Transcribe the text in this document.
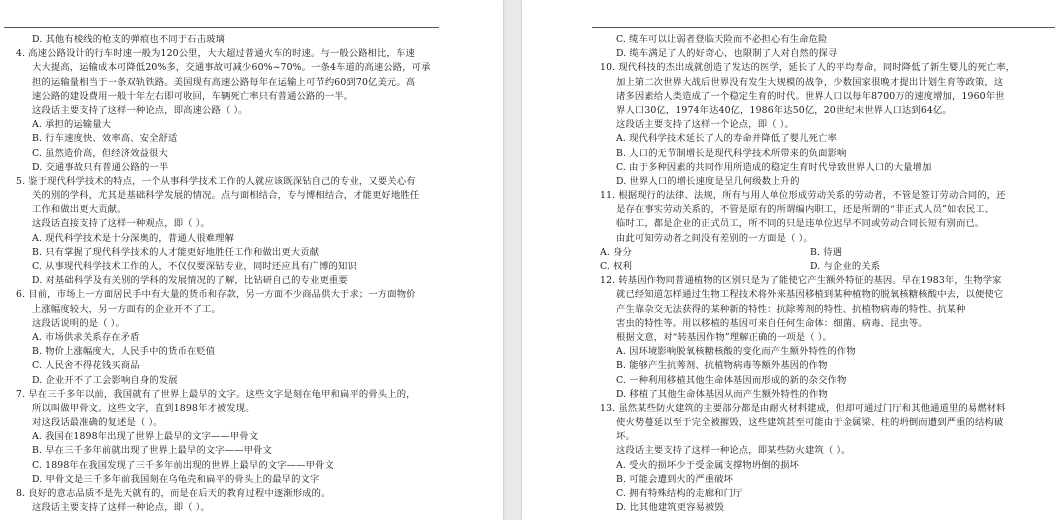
D. 其他有棱线的枪支的弹痕也不同于石击玻璃
4. 高速公路设计的行车时速一般为120公里，大大超过普通火车的时速。与一般公路相比，车速
大大提高，运输成本可降低20%多，交通事故可减少60%~70%。一条4车道的高速公路，可承
担的运输量相当于一条双轨铁路。美国现有高速公路每年在运输上可节约60到70亿美元。高
速公路的建设费用一般十年左右即可收回，车辆死亡率只有普通公路的一半。
这段话主要支持了这样一种论点，即高速公路（ ）。
A. 承担的运输量大
B. 行车速度快、效率高、安全舒适
C. 虽然造价高，但经济效益很大
D. 交通事故只有普通公路的一半
5. 鉴于现代科学技术的特点，一个从事科学技术工作的人就应该既深钻自己的专业，又要关心有
关的别的学科，尤其是基础科学发展的情况。点与面相结合，专与博相结合，才能更好地胜任
工作和做出更大贡献。
这段话直接支持了这样一种观点，即（ ）。
A. 现代科学技术是十分深奥的，普通人很难理解
B. 只有掌握了现代科学技术的人才能更好地胜任工作和做出更大贡献
C. 从事现代科学技术工作的人，不仅仅要深钻专业，同时还应具有广博的知识
D. 对基础科学及有关别的学科的发展情况的了解，比钻研自己的专业更重要
6. 目前，市场上一方面居民手中有大量的货币和存款，另一方面不少商品供大于求；一方面物价
上涨幅度较大，另一方面有的企业开不了工。
这段话说明的是（ ）。
A. 市场供求关系存在矛盾
B. 物价上涨幅度大，人民手中的货币在贬值
C. 人民舍不得花钱买商品
D. 企业开不了工会影响自身的发展
7. 早在三千多年以前，我国就有了世界上最早的文字。这些文字是刻在龟甲和扁平的骨头上的，
所以叫做甲骨文。这些文字，直到1898年才被发现。
对这段话最准确的复述是（ ）。
A. 我国在1898年出现了世界上最早的文字——甲骨文
B. 早在三千多年前就出现了世界上最早的文字——甲骨文
C. 1898年在我国发现了三千多年前出现的世界上最早的文字——甲骨文
D. 甲骨文是三千多年前我国刻在乌龟壳和扁平的骨头上的最早的文字
8. 良好的意志品质不是先天就有的，而是在后天的教育过程中逐渐形成的。
这段话主要支持了这样一种论点，即（ ）。
C. 缆车可以让弱者登临天险而不必担心有生命危险
D. 缆车满足了人的好奇心，也限制了人对自然的探寻
10. 现代科技的杰出成就创造了发达的医学，延长了人的平均寿命，同时降低了新生婴儿的死亡率，
加上第二次世界大战后世界没有发生大规模的战争，少数国家很晚才提出计划生育等政策，这
诸多因素给人类造成了一个稳定生育的时代。世界人口以每年8700万的速度增加，1960年世
界人口30亿，1974年达40亿，1986年达50亿，20世纪末世界人口达到64亿。
这段话主要支持了这样一个论点，即（ ）。
A. 现代科学技术延长了人的寿命并降低了婴儿死亡率
B. 人口的无节制增长是现代科学技术所带来的负面影响
C. 由于多种因素的共同作用所造成的稳定生育时代导致世界人口的大量增加
D. 世界人口的增长速度是呈几何级数上升的
11. 根据现行的法律、法规，所有与用人单位形成劳动关系的劳动者，不管是签订劳动合同的，还
是存在事实劳动关系的，不管是原有的所谓编内职工，还是所谓的“非正式人员”如农民工、
临时工，都是企业的正式员工，所不同的只是违单位迟早不同或劳动合同长短有别而已。
由此可知劳动者之间没有差别的一方面是（ ）。
A. 身分	B. 待遇
C. 权利	D. 与企业的关系
12. 转基因作物同普通植物的区别只是为了能使它产生额外特征的基因。早在1983年，生物学家
就已经知道怎样通过生物工程技术将外来基因移植到某种植物的脱氧核糖核酸中去，以便使它
产生靠杂交无法获得的某种新的特性：抗除莠剂的特性、抗植物病毒的特性、抗某种
害虫的特性等。用以移植的基因可来自任何生命体：细菌、病毒、昆虫等。
根据文意，对“转基因作物”理解正确的一项是（ ）。
A. 因环境影响脱氧核糖核酸的变化而产生额外特性的作物
B. 能够产生抗莠剂、抗植物病毒等额外基因的作物
C. 一种利用移植其他生命体基因而形成的新的杂交作物
D. 移植了其他生命体基因从而产生额外特性的作物
13. 虽然某些防火建筑的主要部分都是由耐火材料建成，但却可通过门厅和其他通道里的易燃材料
使火势蔓延以至于完全被摧毁，这些建筑甚至可能由于金属梁、柱的坍倒而遭到严重的结构破
坏。
这段话主要支持了这样一种论点，即某些防火建筑（ ）。
A. 受火的损坏少于受金属支撑物坍倒的损坏
B. 可能会遭到火的严重破坏
C. 拥有特殊结构的走廊和门厅
D. 比其他建筑更容易被毁
